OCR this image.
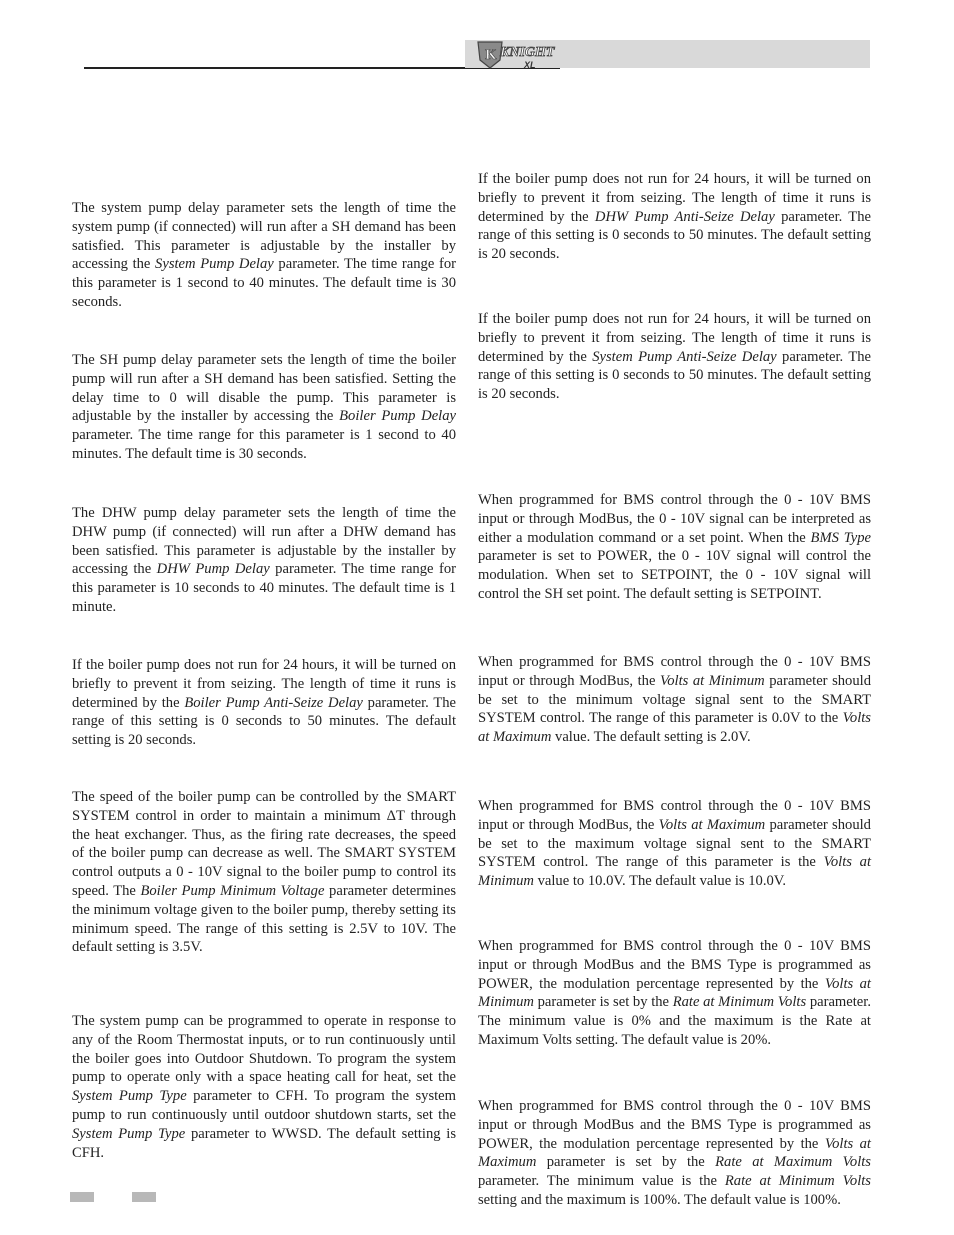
K KNIGHT
XL

The system pump delay parameter sets the length of time the system pump (if connected) will run after a SH demand has been satisfied. This parameter is adjustable by the installer by accessing the System Pump Delay parameter. The time range for this parameter is 1 second to 40 minutes. The default time is 30 seconds.

The SH pump delay parameter sets the length of time the boiler pump will run after a SH demand has been satisfied. Setting the delay time to 0 will disable the pump. This parameter is adjustable by the installer by accessing the Boiler Pump Delay parameter. The time range for this parameter is 1 second to 40 minutes. The default time is 30 seconds.

The DHW pump delay parameter sets the length of time the DHW pump (if connected) will run after a DHW demand has been satisfied. This parameter is adjustable by the installer by accessing the DHW Pump Delay parameter. The time range for this parameter is 10 seconds to 40 minutes. The default time is 1 minute.

If the boiler pump does not run for 24 hours, it will be turned on briefly to prevent it from seizing. The length of time it runs is determined by the Boiler Pump Anti-Seize Delay parameter. The range of this setting is 0 seconds to 50 minutes. The default setting is 20 seconds.

The speed of the boiler pump can be controlled by the SMART SYSTEM control in order to maintain a minimum ΔT through the heat exchanger. Thus, as the firing rate decreases, the speed of the boiler pump can decrease as well. The SMART SYSTEM control outputs a 0 - 10V signal to the boiler pump to control its speed. The Boiler Pump Minimum Voltage parameter determines the minimum voltage given to the boiler pump, thereby setting its minimum speed. The range of this setting is 2.5V to 10V. The default setting is 3.5V.

The system pump can be programmed to operate in response to any of the Room Thermostat inputs, or to run continuously until the boiler goes into Outdoor Shutdown. To program the system pump to operate only with a space heating call for heat, set the System Pump Type parameter to CFH. To program the system pump to run continuously until outdoor shutdown starts, set the System Pump Type parameter to WWSD. The default setting is CFH.

If the boiler pump does not run for 24 hours, it will be turned on briefly to prevent it from seizing. The length of time it runs is determined by the DHW Pump Anti-Seize Delay parameter. The range of this setting is 0 seconds to 50 minutes. The default setting is 20 seconds.

If the boiler pump does not run for 24 hours, it will be turned on briefly to prevent it from seizing. The length of time it runs is determined by the System Pump Anti-Seize Delay parameter. The range of this setting is 0 seconds to 50 minutes. The default setting is 20 seconds.

When programmed for BMS control through the 0 - 10V BMS input or through ModBus, the 0 - 10V signal can be interpreted as either a modulation command or a set point. When the BMS Type parameter is set to POWER, the 0 - 10V signal will control the modulation. When set to SETPOINT, the 0 - 10V signal will control the SH set point. The default setting is SETPOINT.

When programmed for BMS control through the 0 - 10V BMS input or through ModBus, the Volts at Minimum parameter should be set to the minimum voltage signal sent to the SMART SYSTEM control. The range of this parameter is 0.0V to the Volts at Maximum value. The default setting is 2.0V.

When programmed for BMS control through the 0 - 10V BMS input or through ModBus, the Volts at Maximum parameter should be set to the maximum voltage signal sent to the SMART SYSTEM control. The range of this parameter is the Volts at Minimum value to 10.0V. The default value is 10.0V.

When programmed for BMS control through the 0 - 10V BMS input or through ModBus and the BMS Type is programmed as POWER, the modulation percentage represented by the Volts at Minimum parameter is set by the Rate at Minimum Volts parameter. The minimum value is 0% and the maximum is the Rate at Maximum Volts setting. The default value is 20%.

When programmed for BMS control through the 0 - 10V BMS input or through ModBus and the BMS Type is programmed as POWER, the modulation percentage represented by the Volts at Maximum parameter is set by the Rate at Maximum Volts parameter. The minimum value is the Rate at Minimum Volts setting and the maximum is 100%. The default value is 100%.
